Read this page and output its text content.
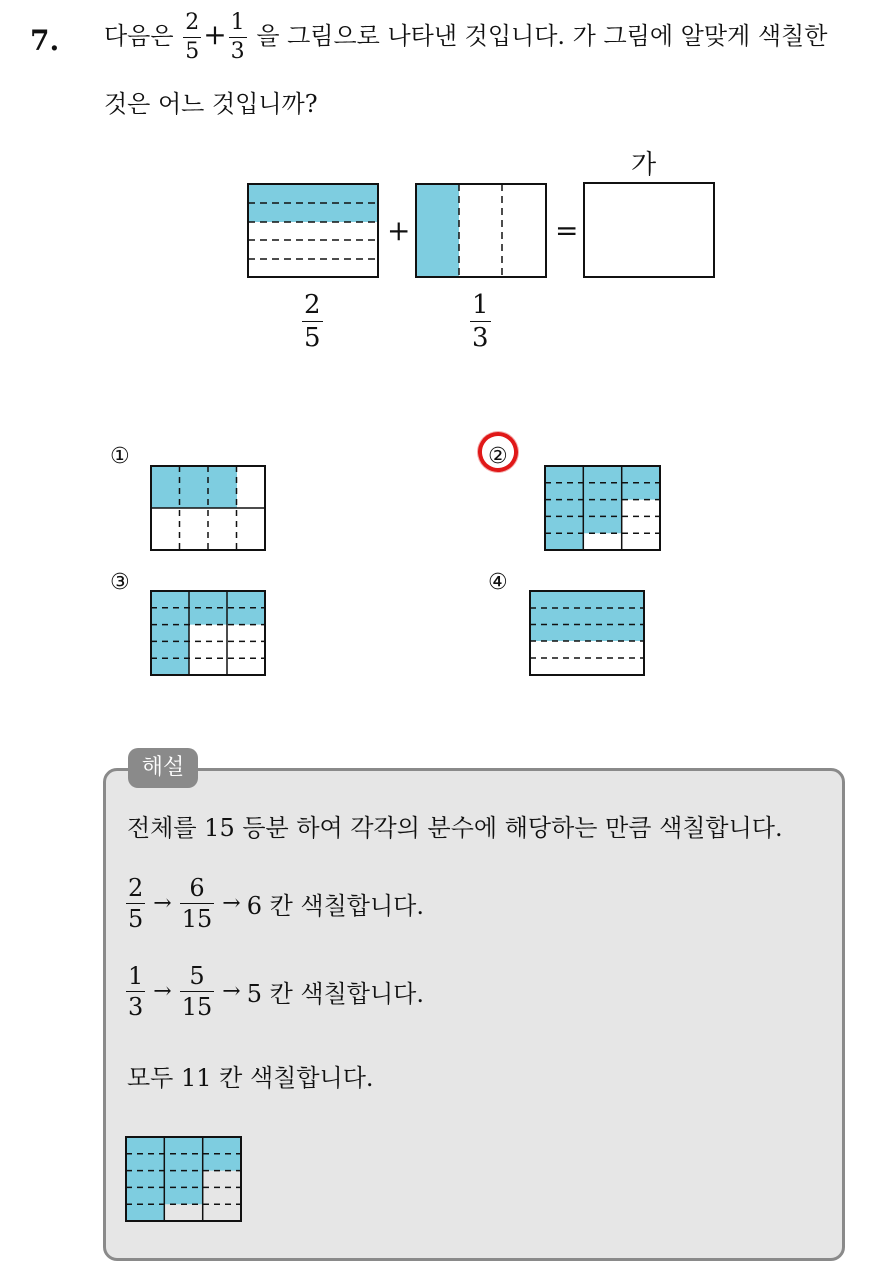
7. 다음은 $\frac{2}{5} + \frac{1}{3}$ 을 그림으로 나타낸 것입니다. 가 그림에 알맞게 색칠한
것은 어느 것입니까?
+	=
가
$\frac{2}{5}$	$\frac{1}{3}$
①	②
③	④
해설
전체를 15 등분 하여 각각의 분수에 해당하는 만큼 색칠합니다.
$\frac{2}{5} \to \frac{6}{15} \to 6$ 칸 색칠합니다.
$\frac{1}{3} \to \frac{5}{15} \to 5$ 칸 색칠합니다.
모두 11 칸 색칠합니다.
